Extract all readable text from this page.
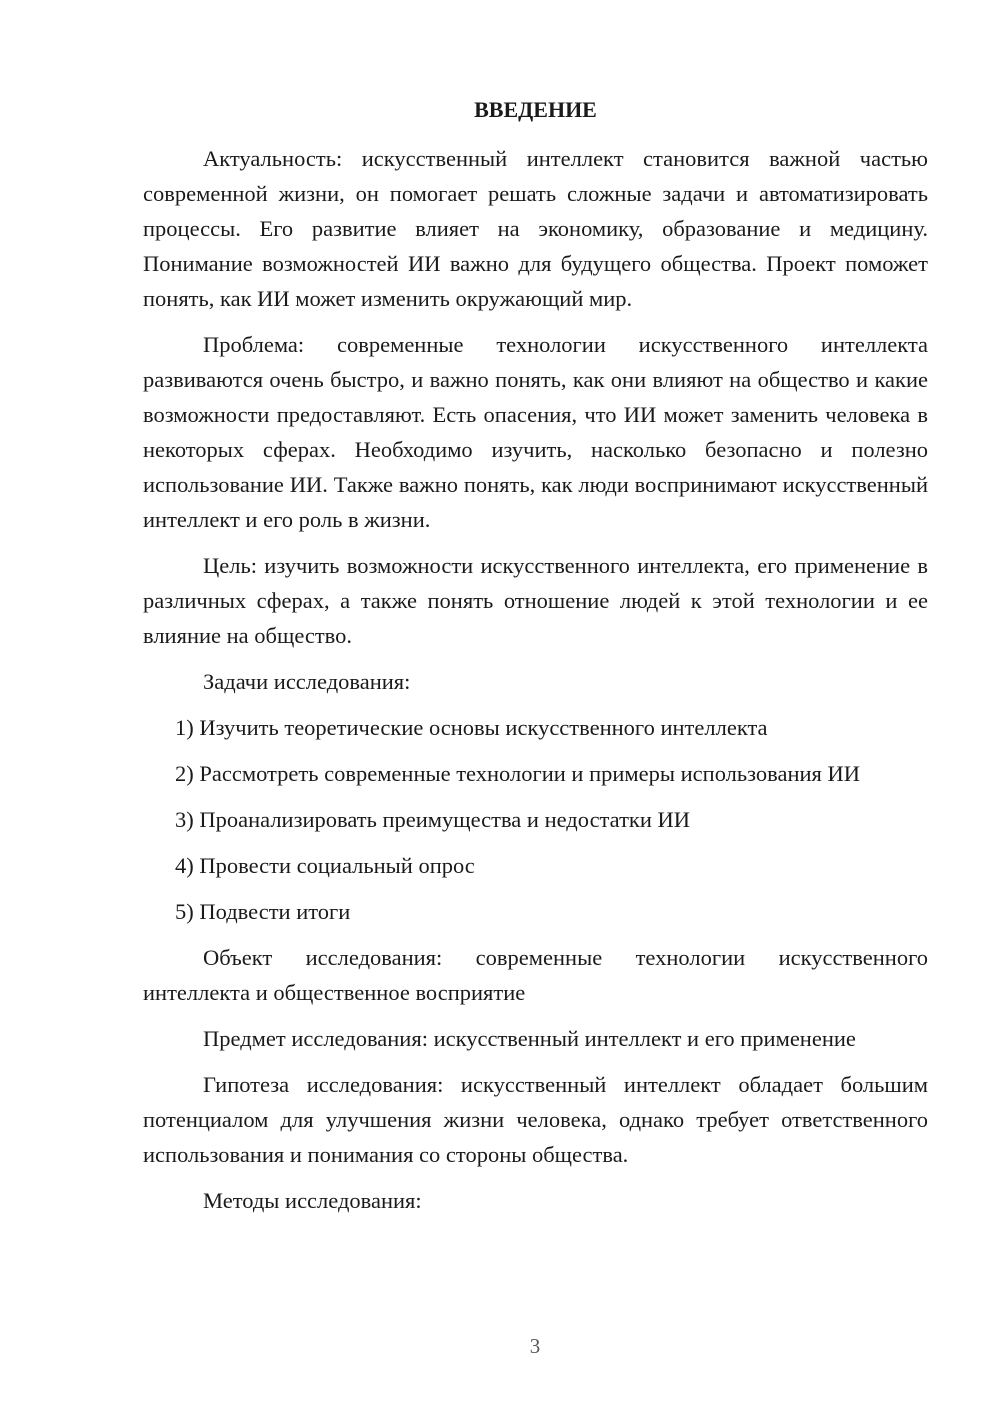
ВВЕДЕНИЕ

Актуальность: искусственный интеллект становится важной частью современной жизни, он помогает решать сложные задачи и автоматизировать процессы. Его развитие влияет на экономику, образование и медицину. Понимание возможностей ИИ важно для будущего общества. Проект поможет понять, как ИИ может изменить окружающий мир.

Проблема: современные технологии искусственного интеллекта развиваются очень быстро, и важно понять, как они влияют на общество и какие возможности предоставляют. Есть опасения, что ИИ может заменить человека в некоторых сферах. Необходимо изучить, насколько безопасно и полезно использование ИИ. Также важно понять, как люди воспринимают искусственный интеллект и его роль в жизни.

Цель: изучить возможности искусственного интеллекта, его применение в различных сферах, а также понять отношение людей к этой технологии и ее влияние на общество.

Задачи исследования:

1) Изучить теоретические основы искусственного интеллекта

2) Рассмотреть современные технологии и примеры использования ИИ

3) Проанализировать преимущества и недостатки ИИ

4) Провести социальный опрос

5) Подвести итоги

Объект исследования: современные технологии искусственного интеллекта и общественное восприятие

Предмет исследования: искусственный интеллект и его применение

Гипотеза исследования: искусственный интеллект обладает большим потенциалом для улучшения жизни человека, однако требует ответственного использования и понимания со стороны общества.

Методы исследования:

3
